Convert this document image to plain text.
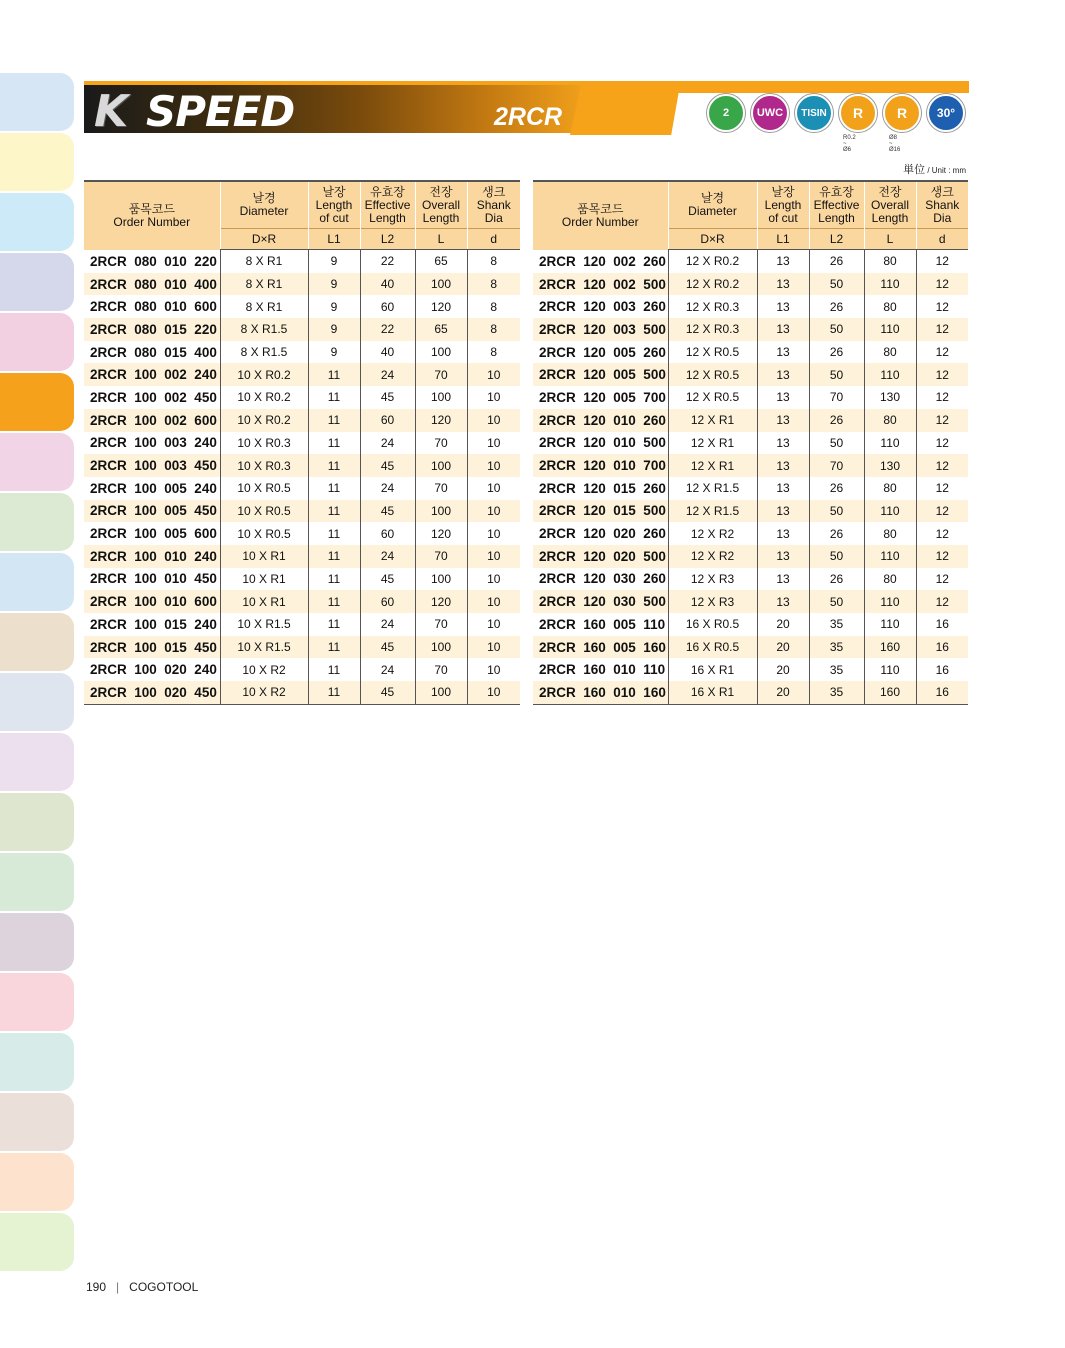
K SPEED	2RCR	2	UWC TISIN R R 30°
R0.2 ~ Ø6
Ø8 ~ Ø16
単位 / Unit : mm
품목코드
Order Number	날경
Diameter	날장
Length
of cut	유효장
Effective
Length	전장
Overall
Length	생크
Shank
Dia
	D×R	L1	L2	L	d
2RCR  080  010  220	8 X R1	9	22	65	8
2RCR  080  010  400	8 X R1	9	40	100	8
2RCR  080  010  600	8 X R1	9	60	120	8
2RCR  080  015  220	8 X R1.5	9	22	65	8
2RCR  080  015  400	8 X R1.5	9	40	100	8
2RCR  100  002  240	10 X R0.2	11	24	70	10
2RCR  100  002  450	10 X R0.2	11	45	100	10
2RCR  100  002  600	10 X R0.2	11	60	120	10
2RCR  100  003  240	10 X R0.3	11	24	70	10
2RCR  100  003  450	10 X R0.3	11	45	100	10
2RCR  100  005  240	10 X R0.5	11	24	70	10
2RCR  100  005  450	10 X R0.5	11	45	100	10
2RCR  100  005  600	10 X R0.5	11	60	120	10
2RCR  100  010  240	10 X R1	11	24	70	10
2RCR  100  010  450	10 X R1	11	45	100	10
2RCR  100  010  600	10 X R1	11	60	120	10
2RCR  100  015  240	10 X R1.5	11	24	70	10
2RCR  100  015  450	10 X R1.5	11	45	100	10
2RCR  100  020  240	10 X R2	11	24	70	10
2RCR  100  020  450	10 X R2	11	45	100	10
품목코드
Order Number	날경
Diameter	날장
Length
of cut	유효장
Effective
Length	전장
Overall
Length	생크
Shank
Dia
	D×R	L1	L2	L	d
2RCR  120  002  260	12 X R0.2	13	26	80	12
2RCR  120  002  500	12 X R0.2	13	50	110	12
2RCR  120  003  260	12 X R0.3	13	26	80	12
2RCR  120  003  500	12 X R0.3	13	50	110	12
2RCR  120  005  260	12 X R0.5	13	26	80	12
2RCR  120  005  500	12 X R0.5	13	50	110	12
2RCR  120  005  700	12 X R0.5	13	70	130	12
2RCR  120  010  260	12 X R1	13	26	80	12
2RCR  120  010  500	12 X R1	13	50	110	12
2RCR  120  010  700	12 X R1	13	70	130	12
2RCR  120  015  260	12 X R1.5	13	26	80	12
2RCR  120  015  500	12 X R1.5	13	50	110	12
2RCR  120  020  260	12 X R2	13	26	80	12
2RCR  120  020  500	12 X R2	13	50	110	12
2RCR  120  030  260	12 X R3	13	26	80	12
2RCR  120  030  500	12 X R3	13	50	110	12
2RCR  160  005  110	16 X R0.5	20	35	110	16
2RCR  160  005  160	16 X R0.5	20	35	160	16
2RCR  160  010  110	16 X R1	20	35	110	16
2RCR  160  010  160	16 X R1	20	35	160	16
190 | COGOTOOL
